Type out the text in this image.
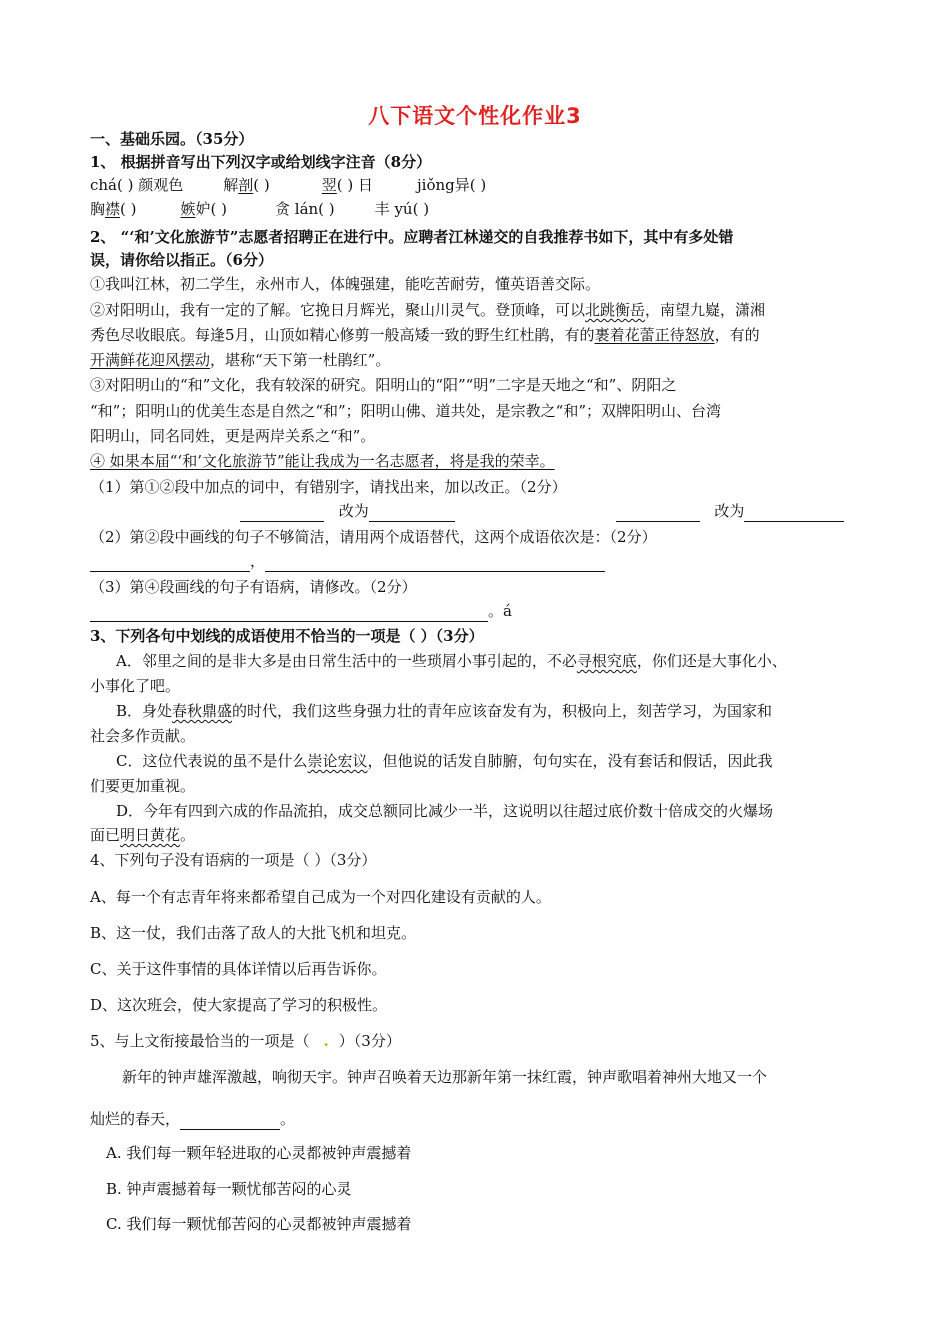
八下语文个性化作业3
一、基础乐园。（35分）
1、 根据拼音写出下列汉字或给划线字注音（8分）
chá( ) 颜观色	解剖( )	翌( ) 日	jiǒng异( )
胸襟( )	嫉妒( )	贪 lán( )	丰 yú( )
2、 “‘和’文化旅游节”志愿者招聘正在进行中。应聘者江林递交的自我推荐书如下，其中有多处错
误，请你给以指正。（6分）
①我叫江林，初二学生，永州市人，体魄强建，能吃苦耐劳，懂英语善交际。
②对阳明山，我有一定的了解。它挽日月辉光，聚山川灵气。登顶峰，可以北跳衡岳，南望九嶷，潇湘
秀色尽收眼底。每逢5月，山顶如精心修剪一般高矮一致的野生红杜鹃，有的裹着花蕾正待怒放，有的
开满鲜花迎风摆动，堪称“天下第一杜鹃红”。
③对阳明山的“和”文化，我有较深的研究。阳明山的“阳”“明”二字是天地之“和”、阴阳之
“和”；阳明山的优美生态是自然之“和”；阳明山佛、道共处，是宗教之“和”；双牌阳明山、台湾
阳明山，同名同姓，更是两岸关系之“和”。
④ 如果本届“‘和’文化旅游节”能让我成为一名志愿者，将是我的荣幸。
（1）第①②段中加点的词中，有错别字，请找出来，加以改正。（2分）
改为	改为
（2）第②段中画线的句子不够简洁，请用两个成语替代，这两个成语依次是：（2分）
，
（3）第④段画线的句子有语病，请修改。（2分）
。á
3、下列各句中划线的成语使用不恰当的一项是（ ）（3分）
A．邻里之间的是非大多是由日常生活中的一些琐屑小事引起的，不必寻根究底，你们还是大事化小、
小事化了吧。
B．身处春秋鼎盛的时代，我们这些身强力壮的青年应该奋发有为，积极向上，刻苦学习，为国家和
社会多作贡献。
C．这位代表说的虽不是什么崇论宏议，但他说的话发自肺腑，句句实在，没有套话和假话，因此我
们要更加重视。
D．今年有四到六成的作品流拍，成交总额同比减少一半，这说明以往超过底价数十倍成交的火爆场
面已明日黄花。
4、下列句子没有语病的一项是（ ）（3分）
A、每一个有志青年将来都希望自己成为一个对四化建设有贡献的人。
B、这一仗，我们击落了敌人的大批飞机和坦克。
C、关于这件事情的具体详情以后再告诉你。
D、这次班会，使大家提高了学习的积极性。
5、与上文衔接最恰当的一项是（ . ）（3分）
新年的钟声雄浑激越，响彻天宇。钟声召唤着天边那新年第一抹红霞，钟声歌唱着神州大地又一个
灿烂的春天，	。
A. 我们每一颗年轻进取的心灵都被钟声震撼着
B. 钟声震撼着每一颗忧郁苦闷的心灵
C. 我们每一颗忧郁苦闷的心灵都被钟声震撼着
